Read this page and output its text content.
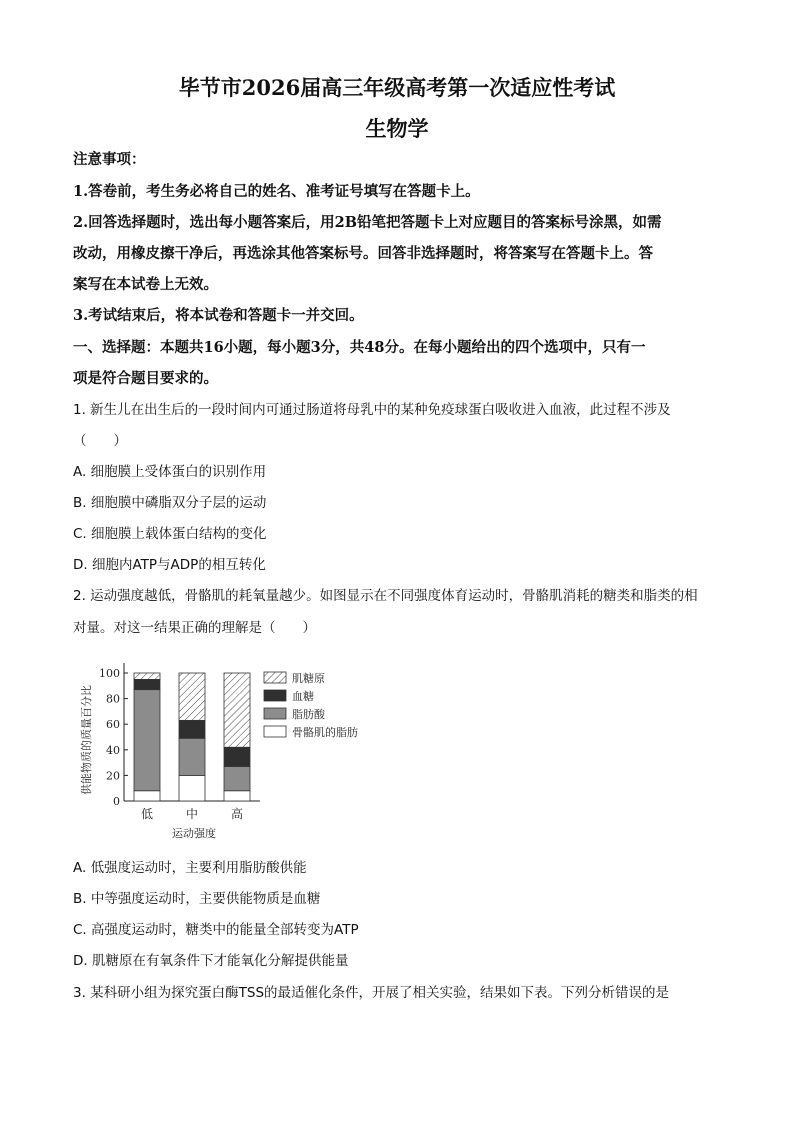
毕节市2026届高三年级高考第一次适应性考试
生物学
注意事项：
1.答卷前，考生务必将自己的姓名、准考证号填写在答题卡上。
2.回答选择题时，选出每小题答案后，用2B铅笔把答题卡上对应题目的答案标号涂黑，如需
改动，用橡皮擦干净后，再选涂其他答案标号。回答非选择题时，将答案写在答题卡上。答
案写在本试卷上无效。
3.考试结束后，将本试卷和答题卡一并交回。
一、选择题：本题共16小题，每小题3分，共48分。在每小题给出的四个选项中，只有一
项是符合题目要求的。
1. 新生儿在出生后的一段时间内可通过肠道将母乳中的某种免疫球蛋白吸收进入血液，此过程不涉及
（　　）
A. 细胞膜上受体蛋白的识别作用
B. 细胞膜中磷脂双分子层的运动
C. 细胞膜上载体蛋白结构的变化
D. 细胞内ATP与ADP的相互转化
2. 运动强度越低，骨骼肌的耗氧量越少。如图显示在不同强度体育运动时，骨骼肌消耗的糖类和脂类的相
对量。对这一结果正确的理解是（　　）
0
20
40
60
80
100
供能物质的质量百分比
低	中	高
运动强度
肌糖原
血糖
脂肪酸
骨骼肌的脂肪
A. 低强度运动时，主要利用脂肪酸供能
B. 中等强度运动时，主要供能物质是血糖
C. 高强度运动时，糖类中的能量全部转变为ATP
D. 肌糖原在有氧条件下才能氧化分解提供能量
3. 某科研小组为探究蛋白酶TSS的最适催化条件，开展了相关实验，结果如下表。下列分析错误的是
